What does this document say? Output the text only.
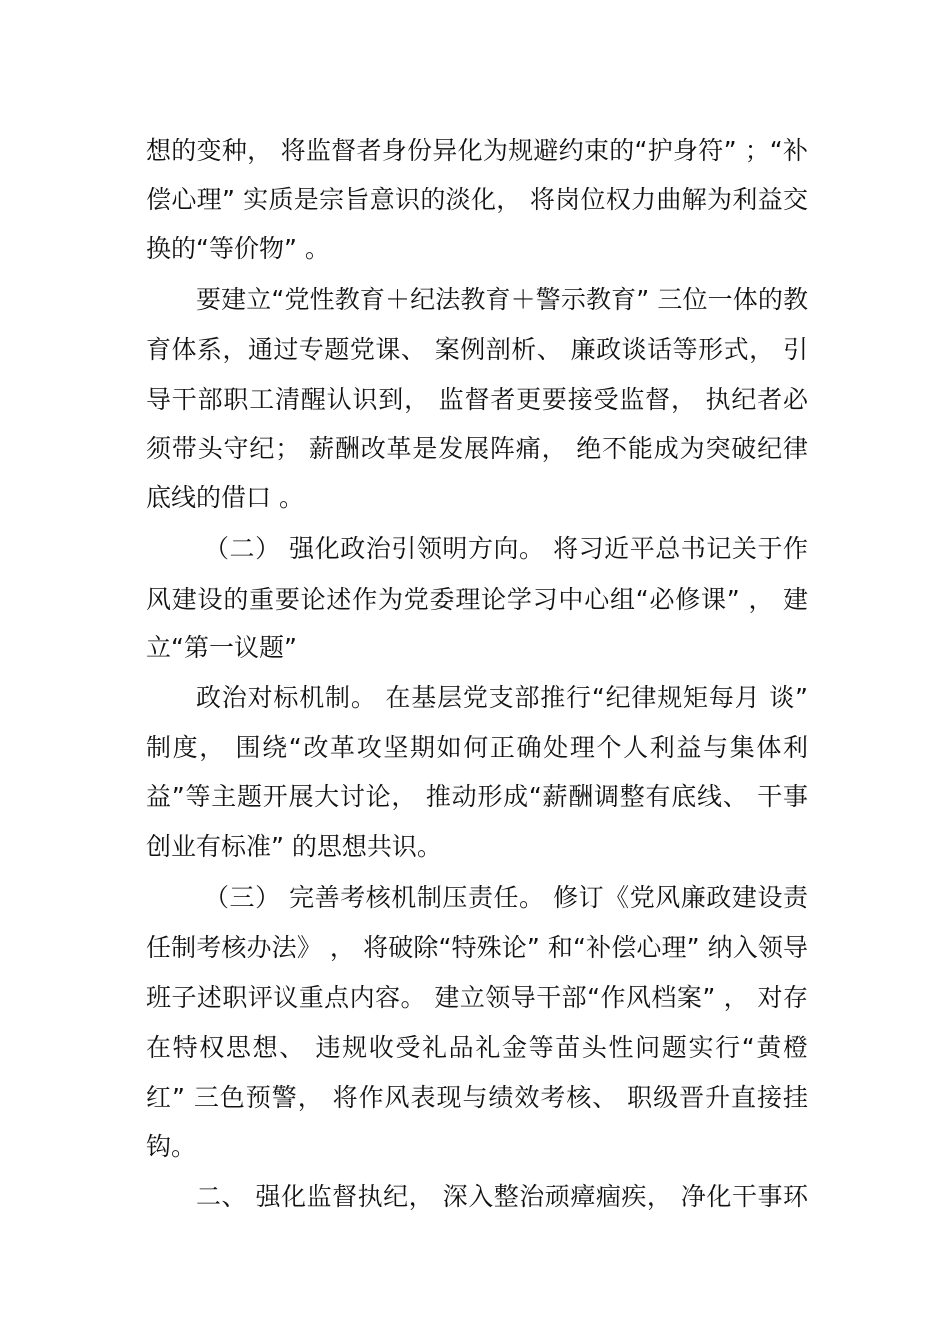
想的变种， 将监督者身份异化为规避约束的“护身符” ；“补
偿心理” 实质是宗旨意识的淡化， 将岗位权力曲解为利益交
换的“等价物” 。
要建立“党性教育＋纪法教育＋警示教育” 三位一体的教
育体系，通过专题党课、 案例剖析、 廉政谈话等形式， 引
导干部职工清醒认识到， 监督者更要接受监督， 执纪者必
须带头守纪； 薪酬改革是发展阵痛， 绝不能成为突破纪律
底线的借口 。
（二） 强化政治引领明方向。 将习近平总书记关于作
风建设的重要论述作为党委理论学习中心组“必修课” ， 建
立“第一议题”
政治对标机制。 在基层党支部推行“纪律规矩每月 谈”
制度， 围绕“改革攻坚期如何正确处理个人利益与集体利
益”等主题开展大讨论， 推动形成“薪酬调整有底线、 干事
创业有标准” 的思想共识。
（三） 完善考核机制压责任。 修订《党风廉政建设责
任制考核办法》 ， 将破除“特殊论” 和“补偿心理” 纳入领导
班子述职评议重点内容。 建立领导干部“作风档案” ， 对存
在特权思想、 违规收受礼品礼金等苗头性问题实行“黄橙
红” 三色预警， 将作风表现与绩效考核、 职级晋升直接挂
钩。
二、 强化监督执纪， 深入整治顽瘴痼疾， 净化干事环
